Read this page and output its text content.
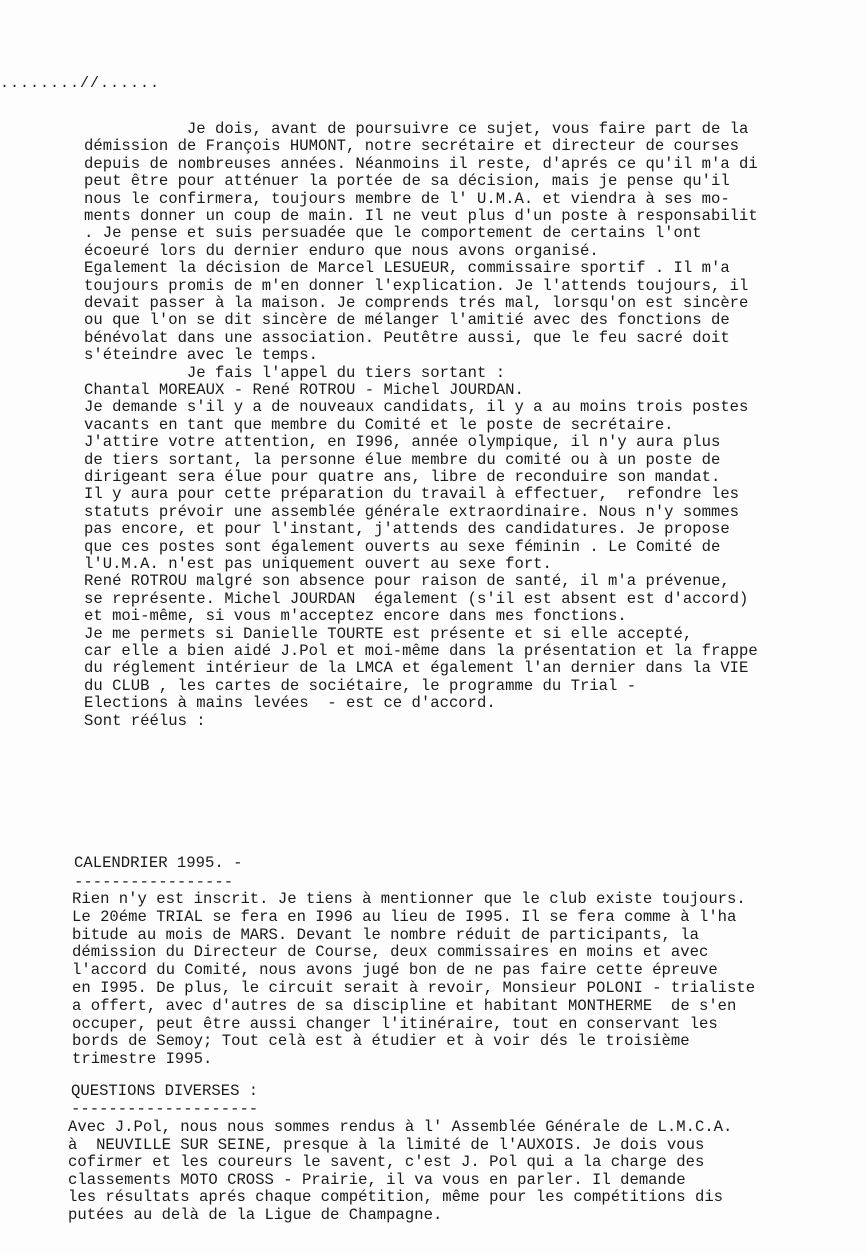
........//......
Je dois, avant de poursuivre ce sujet, vous faire part de la
démission de François HUMONT, notre secrétaire et directeur de courses
depuis de nombreuses années. Néanmoins il reste, d'aprés ce qu'il m'a di
peut être pour atténuer la portée de sa décision, mais je pense qu'il
nous le confirmera, toujours membre de l' U.M.A. et viendra à ses mo-
ments donner un coup de main. Il ne veut plus d'un poste à responsabilit
. Je pense et suis persuadée que le comportement de certains l'ont
écoeuré lors du dernier enduro que nous avons organisé.
Egalement la décision de Marcel LESUEUR, commissaire sportif . Il m'a
toujours promis de m'en donner l'explication. Je l'attends toujours, il
devait passer à la maison. Je comprends trés mal, lorsqu'on est sincère
ou que l'on se dit sincère de mélanger l'amitié avec des fonctions de
bénévolat dans une association. Peutêtre aussi, que le feu sacré doit
s'éteindre avec le temps.
Je fais l'appel du tiers sortant :
Chantal MOREAUX - René ROTROU - Michel JOURDAN.
Je demande s'il y a de nouveaux candidats, il y a au moins trois postes
vacants en tant que membre du Comité et le poste de secrétaire.
J'attire votre attention, en I996, année olympique, il n'y aura plus
de tiers sortant, la personne élue membre du comité ou à un poste de
dirigeant sera élue pour quatre ans, libre de reconduire son mandat.
Il y aura pour cette préparation du travail à effectuer,  refondre les
statuts prévoir une assemblée générale extraordinaire. Nous n'y sommes
pas encore, et pour l'instant, j'attends des candidatures. Je propose
que ces postes sont également ouverts au sexe féminin . Le Comité de
l'U.M.A. n'est pas uniquement ouvert au sexe fort.
René ROTROU malgré son absence pour raison de santé, il m'a prévenue,
se représente. Michel JOURDAN  également (s'il est absent est d'accord)
et moi-même, si vous m'acceptez encore dans mes fonctions.
Je me permets si Danielle TOURTE est présente et si elle accepté,
car elle a bien aidé J.Pol et moi-même dans la présentation et la frappe
du réglement intérieur de la LMCA et également l'an dernier dans la VIE
du CLUB , les cartes de sociétaire, le programme du Trial -
Elections à mains levées  - est ce d'accord.
Sont réélus :
CALENDRIER 1995. -
-----------------
Rien n'y est inscrit. Je tiens à mentionner que le club existe toujours.
Le 20éme TRIAL se fera en I996 au lieu de I995. Il se fera comme à l'ha
bitude au mois de MARS. Devant le nombre réduit de participants, la
démission du Directeur de Course, deux commissaires en moins et avec
l'accord du Comité, nous avons jugé bon de ne pas faire cette épreuve
en I995. De plus, le circuit serait à revoir, Monsieur POLONI - trialiste
a offert, avec d'autres de sa discipline et habitant MONTHERME  de s'en
occuper, peut être aussi changer l'itinéraire, tout en conservant les
bords de Semoy; Tout celà est à étudier et à voir dés le troisième
trimestre I995.
QUESTIONS DIVERSES :
--------------------
Avec J.Pol, nous nous sommes rendus à l' Assemblée Générale de L.M.C.A.
à  NEUVILLE SUR SEINE, presque à la limité de l'AUXOIS. Je dois vous
cofirmer et les coureurs le savent, c'est J. Pol qui a la charge des
classements MOTO CROSS - Prairie, il va vous en parler. Il demande
les résultats aprés chaque compétition, même pour les compétitions dis
putées au delà de la Ligue de Champagne.
